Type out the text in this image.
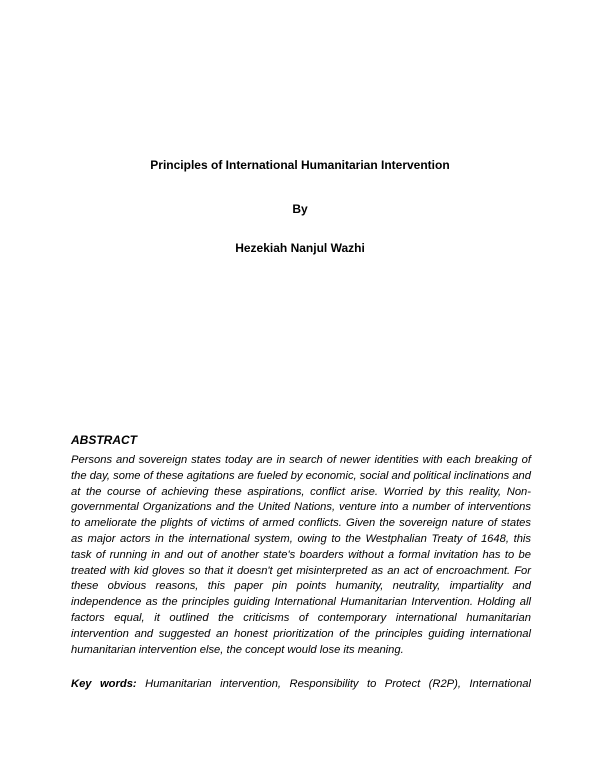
Principles of International Humanitarian Intervention
By
Hezekiah Nanjul Wazhi
ABSTRACT

Persons and sovereign states today are in search of newer identities with each breaking of the day, some of these agitations are fueled by economic, social and political inclinations and at the course of achieving these aspirations, conflict arise. Worried by this reality, Non-governmental Organizations and the United Nations, venture into a number of interventions to ameliorate the plights of victims of armed conflicts. Given the sovereign nature of states as major actors in the international system, owing to the Westphalian Treaty of 1648, this task of running in and out of another state's boarders without a formal invitation has to be treated with kid gloves so that it doesn't get misinterpreted as an act of encroachment. For these obvious reasons, this paper pin points humanity, neutrality, impartiality and independence as the principles guiding International Humanitarian Intervention. Holding all factors equal, it outlined the criticisms of contemporary international humanitarian intervention and suggested an honest prioritization of the principles guiding international humanitarian intervention else, the concept would lose its meaning.

Key words: Humanitarian intervention, Responsibility to Protect (R2P), International
